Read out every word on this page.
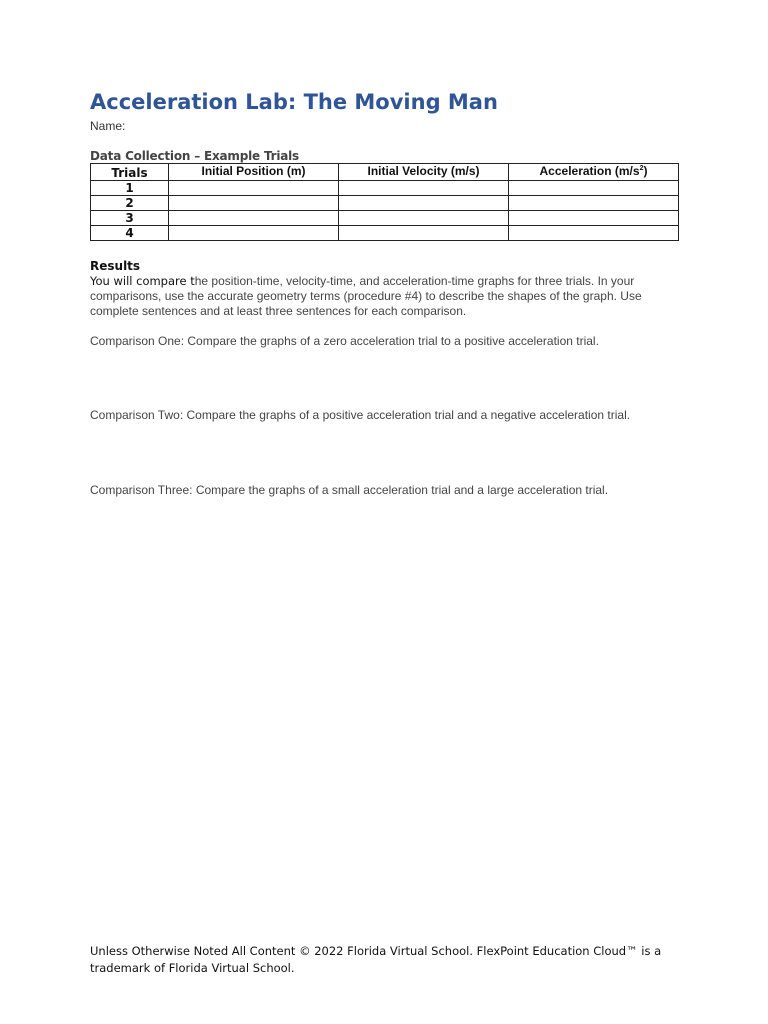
Acceleration Lab: The Moving Man
Name:
Data Collection – Example Trials
Trials	Initial Position (m)	Initial Velocity (m/s)	Acceleration $(m/s^2)$
1			
2			
3			
4			
Results

You will compare the position-time, velocity-time, and acceleration-time graphs for three trials. In your comparisons, use the accurate geometry terms (procedure #4) to describe the shapes of the graph. Use complete sentences and at least three sentences for each comparison.

Comparison One: Compare the graphs of a zero acceleration trial to a positive acceleration trial.
Comparison Two: Compare the graphs of a positive acceleration trial and a negative acceleration trial.
Comparison Three: Compare the graphs of a small acceleration trial and a large acceleration trial.
Unless Otherwise Noted All Content © 2022 Florida Virtual School. FlexPoint Education Cloud™ is a trademark of Florida Virtual School.
